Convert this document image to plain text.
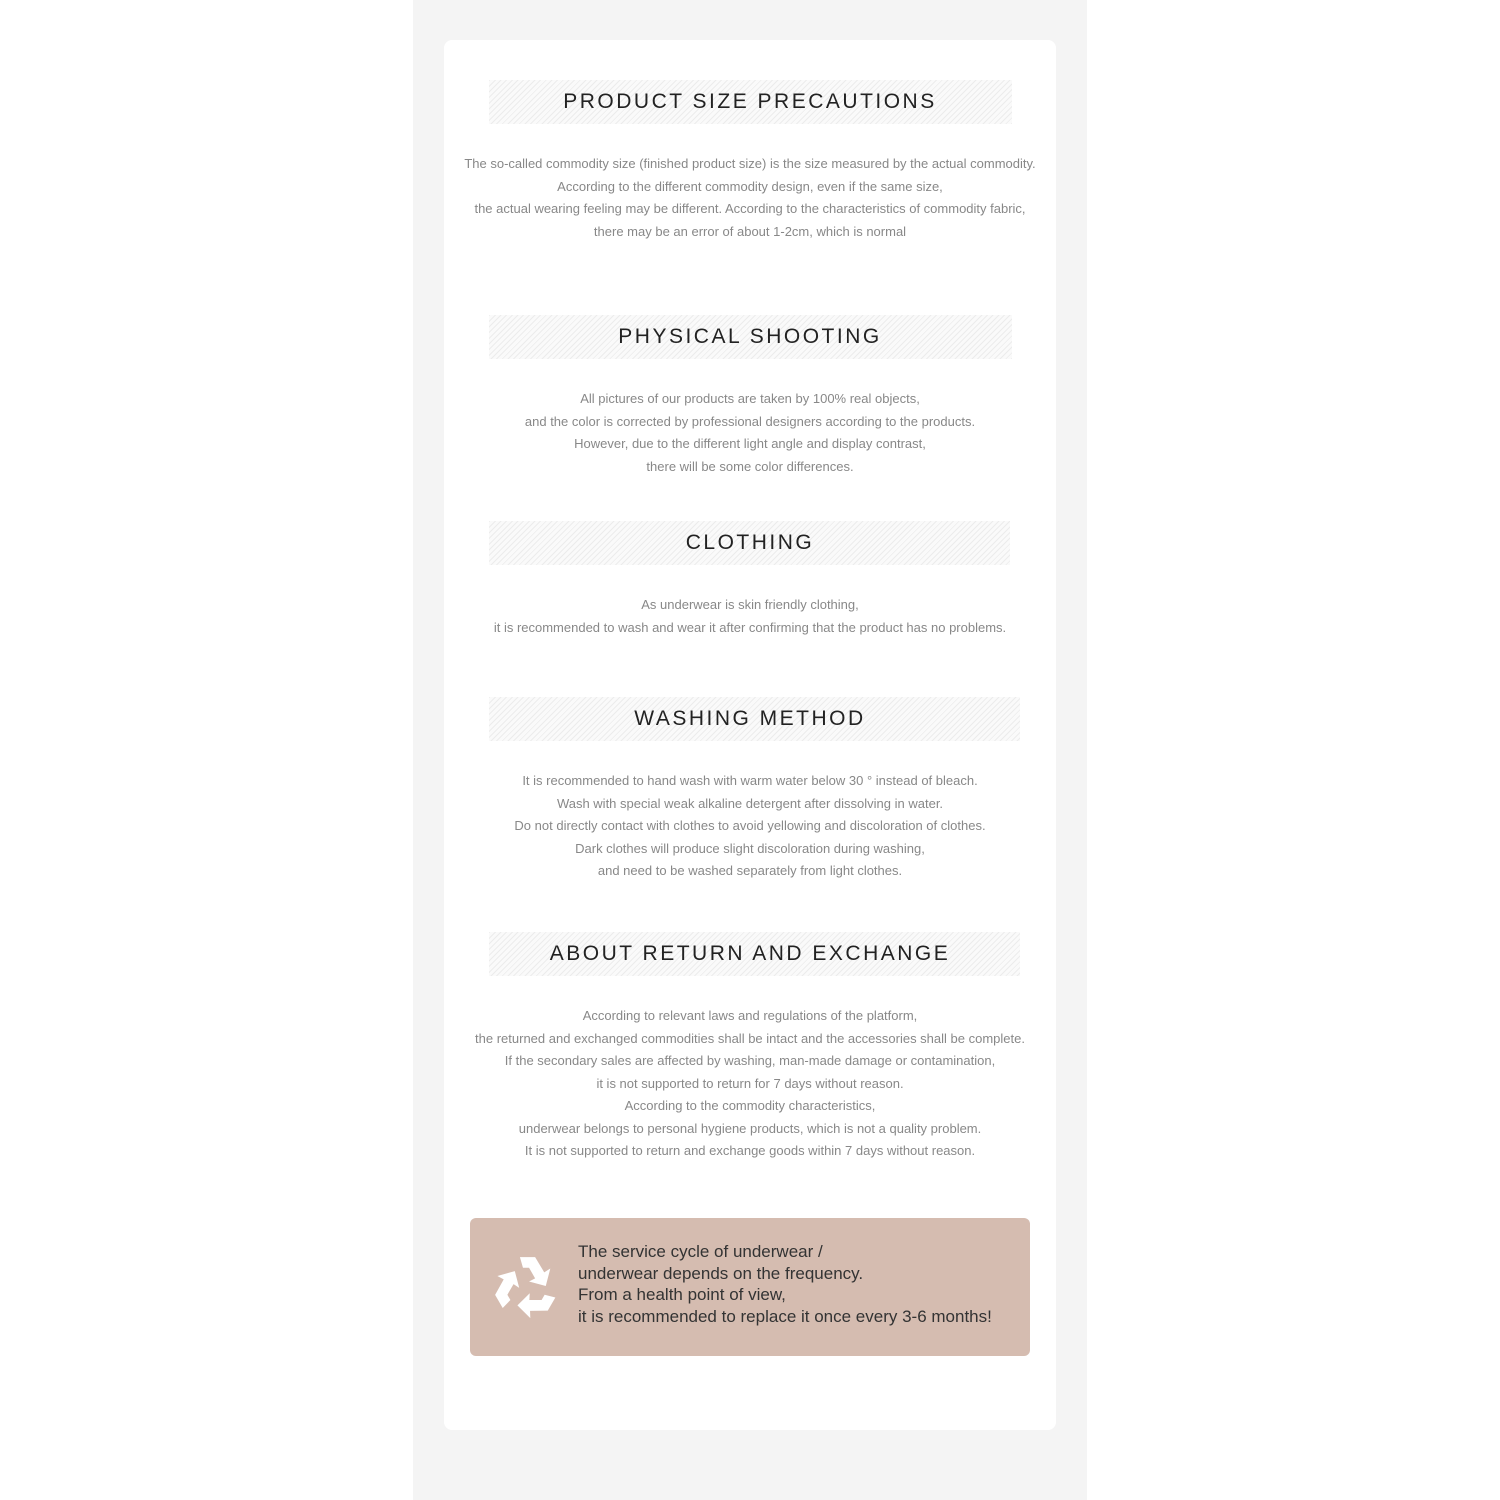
PRODUCT SIZE PRECAUTIONS
The so-called commodity size (finished product size) is the size measured by the actual commodity.
According to the different commodity design, even if the same size,
the actual wearing feeling may be different. According to the characteristics of commodity fabric,
there may be an error of about 1-2cm, which is normal
PHYSICAL SHOOTING
All pictures of our products are taken by 100% real objects,
and the color is corrected by professional designers according to the products.
However, due to the different light angle and display contrast,
there will be some color differences.
CLOTHING
As underwear is skin friendly clothing,
it is recommended to wash and wear it after confirming that the product has no problems.
WASHING METHOD
It is recommended to hand wash with warm water below 30 ° instead of bleach.
Wash with special weak alkaline detergent after dissolving in water.
Do not directly contact with clothes to avoid yellowing and discoloration of clothes.
Dark clothes will produce slight discoloration during washing,
and need to be washed separately from light clothes.
ABOUT RETURN AND EXCHANGE
According to relevant laws and regulations of the platform,
the returned and exchanged commodities shall be intact and the accessories shall be complete.
If the secondary sales are affected by washing, man-made damage or contamination,
it is not supported to return for 7 days without reason.
According to the commodity characteristics,
underwear belongs to personal hygiene products, which is not a quality problem.
It is not supported to return and exchange goods within 7 days without reason.
The service cycle of underwear /
underwear depends on the frequency.
From a health point of view,
it is recommended to replace it once every 3-6 months!
